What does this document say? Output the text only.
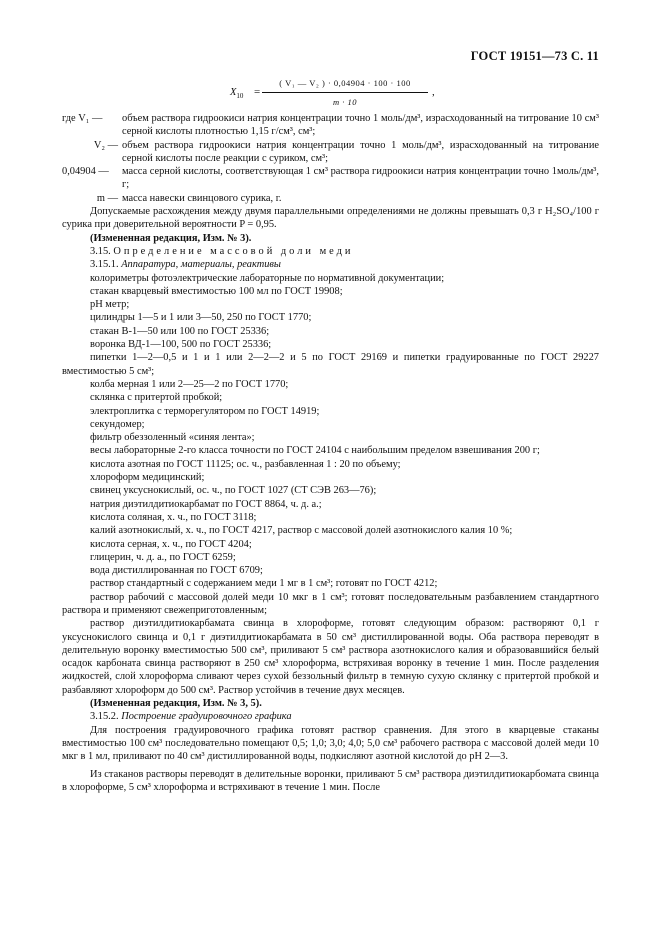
ГОСТ 19151—73 С. 11
$X_{10}$ =
( V₁ — V₂ ) · 0,04904 · 100 · 100
m · 10
,
где V₁ —	объем раствора гидроокиси натрия концентрации точно 1 моль/дм³, израсходованный на титрование 10 см³ серной кислоты плотностью 1,15 г/см³, см³;
V₂ — объем раствора гидроокиси натрия концентрации точно 1 моль/дм³, израсходованный на титрование серной кислоты после реакции с суриком, см³;
0,04904 —	масса серной кислоты, соответствующая 1 см³ раствора гидроокиси натрия концентрации точно 1моль/дм³, г;
m — масса навески свинцового сурика, г.

Допускаемые расхождения между двумя параллельными определениями не должны превышать 0,3 г H₂SO₄/100 г сурика при доверительной вероятности P = 0,95.

(Измененная редакция, Изм. № 3).

3.15. Определение массовой доли меди

3.15.1. Аппаратура, материалы, реактивы

колориметры фотоэлектрические лабораторные по нормативной документации;

стакан кварцевый вместимостью 100 мл по ГОСТ 19908;

pH метр;

цилиндры 1—5 и 1 или 3—50, 250 по ГОСТ 1770;

стакан В-1—50 или 100 по ГОСТ 25336;

воронка ВД-1—100, 500 по ГОСТ 25336;

пипетки 1—2—0,5 и 1 и 1 или 2—2—2 и 5 по ГОСТ 29169 и пипетки градуированные по ГОСТ 29227 вместимостью 5 см³;

колба мерная 1 или 2—25—2 по ГОСТ 1770;

склянка с притертой пробкой;

электроплитка с терморегулятором по ГОСТ 14919;

секундомер;

фильтр обеззоленный «синяя лента»;

весы лабораторные 2-го класса точности по ГОСТ 24104 с наибольшим пределом взвешивания 200 г;

кислота азотная по ГОСТ 11125; ос. ч., разбавленная 1 : 20 по объему;

хлороформ медицинский;

свинец уксуснокислый, ос. ч., по ГОСТ 1027 (СТ СЭВ 263—76);

натрия диэтилдитиокарбамат по ГОСТ 8864, ч. д. а.;

кислота соляная, х. ч., по ГОСТ 3118;

калий азотнокислый, х. ч., по ГОСТ 4217, раствор с массовой долей азотнокислого калия 10 %;

кислота серная, х. ч., по ГОСТ 4204;

глицерин, ч. д. а., по ГОСТ 6259;

вода дистиллированная по ГОСТ 6709;

раствор стандартный с содержанием меди 1 мг в 1 см³; готовят по ГОСТ 4212;

раствор рабочий с массовой долей меди 10 мкг в 1 см³; готовят последовательным разбавлением стандартного раствора и применяют свежеприготовленным;

раствор диэтилдитиокарбамата свинца в хлороформе, готовят следующим образом: растворяют 0,1 г уксуснокислого свинца и 0,1 г диэтилдитиокарбамата в 50 см³ дистиллированной воды. Оба раствора переводят в делительную воронку вместимостью 500 см³, приливают 5 см³ раствора азотнокислого калия и образовавшийся белый осадок карбоната свинца растворяют в 250 см³ хлороформа, встряхивая воронку в течение 1 мин. После разделения жидкостей, слой хлороформа сливают через сухой беззольный фильтр в темную сухую склянку с притертой пробкой и разбавляют хлороформ до 500 см³. Раствор устойчив в течение двух месяцев.

(Измененная редакция, Изм. № 3, 5).

3.15.2. Построение градуировочного графика

Для построения градуировочного графика готовят раствор сравнения. Для этого в кварцевые стаканы вместимостью 100 см³ последовательно помещают 0,5; 1,0; 3,0; 4,0; 5,0 см³ рабочего раствора с массовой долей меди 10 мкг в 1 мл, приливают по 40 см³ дистиллированной воды, подкисляют азотной кислотой до pH 2—3.

Из стаканов растворы переводят в делительные воронки, приливают 5 см³ раствора диэтилдитиокарбомата свинца в хлороформе, 5 см³ хлороформа и встряхивают в течение 1 мин. После
